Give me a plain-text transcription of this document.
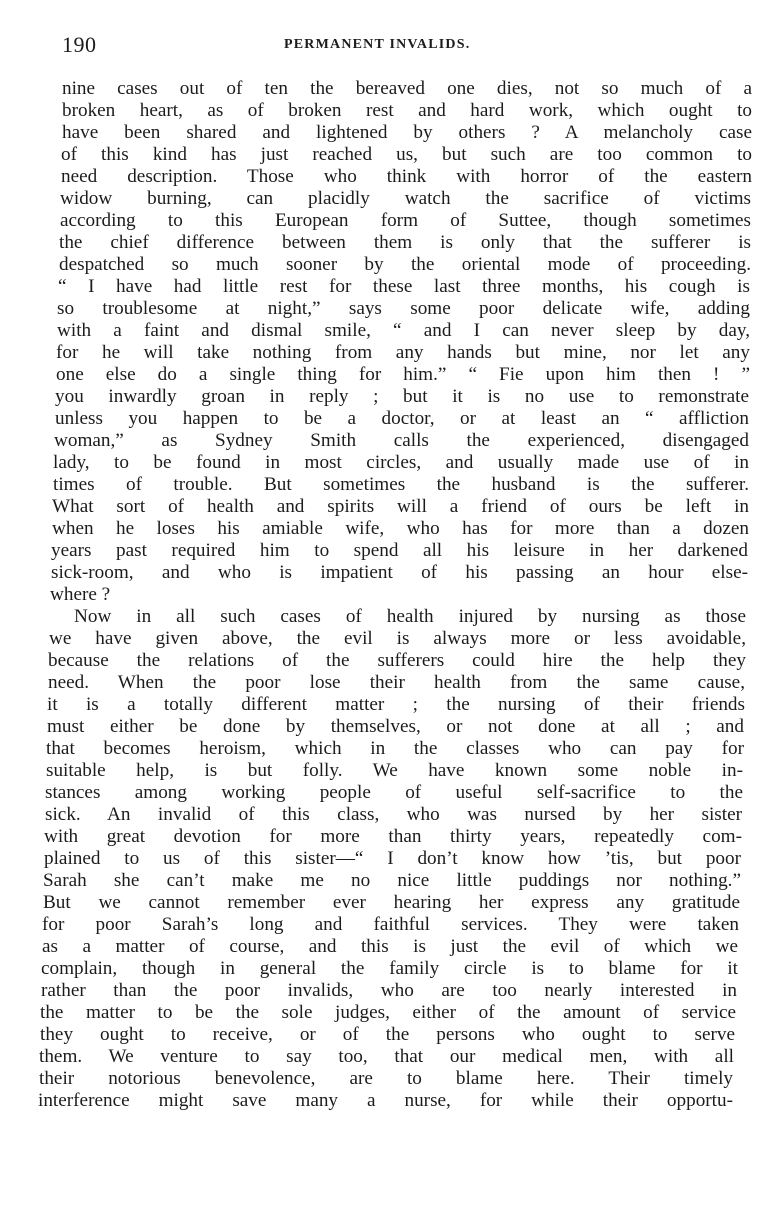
190	PERMANENT INVALIDS.
nine cases out of ten the bereaved one dies, not so much of a
broken heart, as of broken rest and hard work, which ought to
have been shared and lightened by others ? A melancholy case
of this kind has just reached us, but such are too common to
need description. Those who think with horror of the eastern
widow burning, can placidly watch the sacrifice of victims
according to this European form of Suttee, though sometimes
the chief difference between them is only that the sufferer is
despatched so much sooner by the oriental mode of proceeding.
“ I have had little rest for these last three months, his cough is
so troublesome at night,” says some poor delicate wife, adding
with a faint and dismal smile, “ and I can never sleep by day,
for he will take nothing from any hands but mine, nor let any
one else do a single thing for him.” “ Fie upon him then ! ”
you inwardly groan in reply ; but it is no use to remonstrate
unless you happen to be a doctor, or at least an “ affliction
woman,” as Sydney Smith calls the experienced, disengaged
lady, to be found in most circles, and usually made use of in
times of trouble. But sometimes the husband is the sufferer.
What sort of health and spirits will a friend of ours be left in
when he loses his amiable wife, who has for more than a dozen
years past required him to spend all his leisure in her darkened
sick-room, and who is impatient of his passing an hour else-
where ?
Now in all such cases of health injured by nursing as those
we have given above, the evil is always more or less avoidable,
because the relations of the sufferers could hire the help they
need. When the poor lose their health from the same cause,
it is a totally different matter ; the nursing of their friends
must either be done by themselves, or not done at all ; and
that becomes heroism, which in the classes who can pay for
suitable help, is but folly. We have known some noble in-
stances among working people of useful self-sacrifice to the
sick. An invalid of this class, who was nursed by her sister
with great devotion for more than thirty years, repeatedly com-
plained to us of this sister—“ I don’t know how ’tis, but poor
Sarah she can’t make me no nice little puddings nor nothing.”
But we cannot remember ever hearing her express any gratitude
for poor Sarah’s long and faithful services. They were taken
as a matter of course, and this is just the evil of which we
complain, though in general the family circle is to blame for it
rather than the poor invalids, who are too nearly interested in
the matter to be the sole judges, either of the amount of service
they ought to receive, or of the persons who ought to serve
them. We venture to say too, that our medical men, with all
their notorious benevolence, are to blame here. Their timely
interference might save many a nurse, for while their opportu-
